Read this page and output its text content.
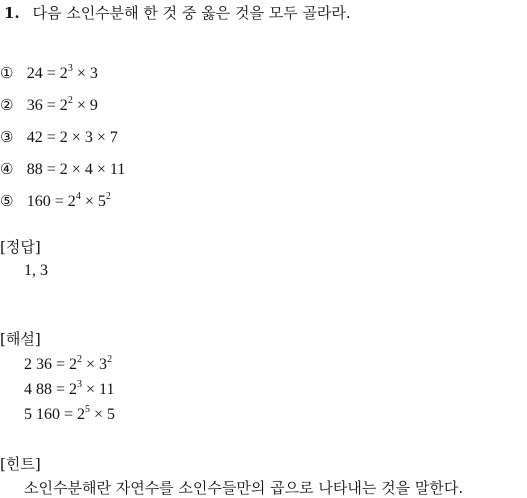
1. 다음 소인수분해 한 것 중 옳은 것을 모두 골라라.
① $24 = 2^3 \times 3$
② $36 = 2^2 \times 9$
③ 42 = 2 × 3 × 7
④ 88 = 2 × 4 × 11
⑤ $160 = 2^4 \times 5^2$
[정답]
1, 3
[해설]
2 $36 = 2^2 \times 3^2$
4 $88 = 2^3 \times 11$
5 $160 = 2^5 \times 5$
[힌트]
소인수분해란 자연수를 소인수들만의 곱으로 나타내는 것을 말한다.
